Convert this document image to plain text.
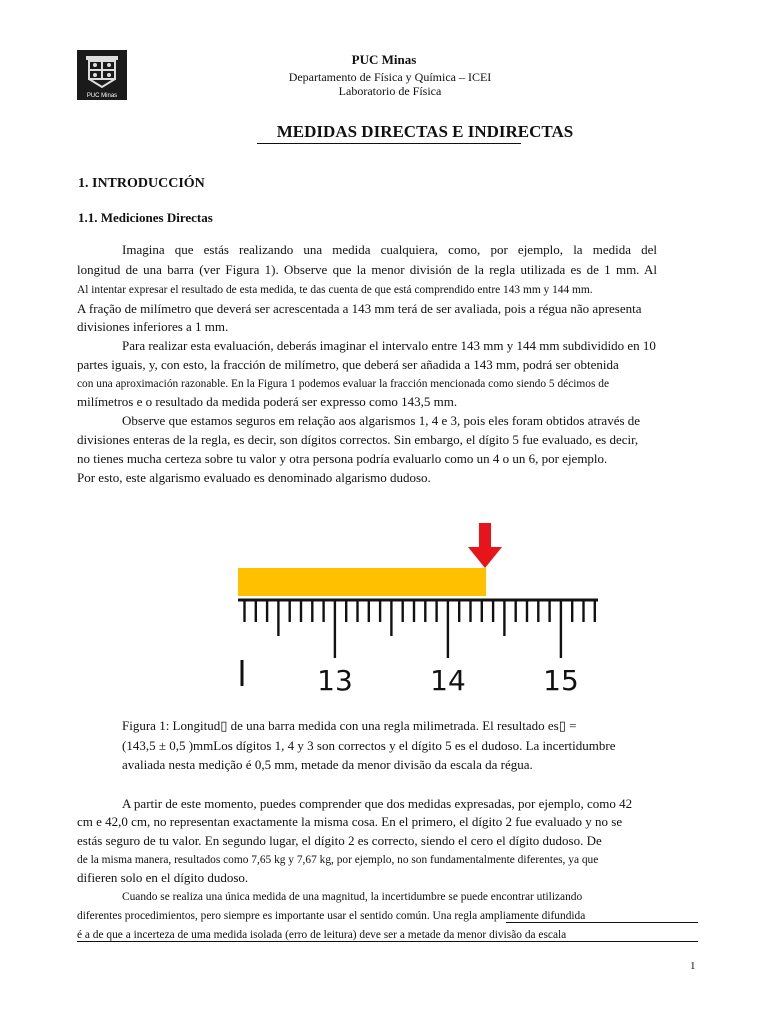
PUC Minas
PUC Minas
Departamento de Física y Química – ICEI
Laboratorio de Física
MEDIDAS DIRECTAS E INDIRECTAS
1. INTRODUCCIÓN
1.1. Mediciones Directas
Imagina que estás realizando una medida cualquiera, como, por ejemplo, la medida del
longitud de una barra (ver Figura 1). Observe que la menor división de la regla utilizada es de 1 mm. Al
Al intentar expresar el resultado de esta medida, te das cuenta de que está comprendido entre 143 mm y 144 mm.
A fração de milímetro que deverá ser acrescentada a 143 mm terá de ser avaliada, pois a régua não apresenta
divisiones inferiores a 1 mm.
Para realizar esta evaluación, deberás imaginar el intervalo entre 143 mm y 144 mm subdividido en 10
partes iguais, y, con esto, la fracción de milímetro, que deberá ser añadida a 143 mm, podrá ser obtenida
con una aproximación razonable. En la Figura 1 podemos evaluar la fracción mencionada como siendo 5 décimos de
milímetros e o resultado da medida poderá ser expresso como 143,5 mm.
Observe que estamos seguros em relação aos algarismos 1, 4 e 3, pois eles foram obtidos através de
divisiones enteras de la regla, es decir, son dígitos correctos. Sin embargo, el dígito 5 fue evaluado, es decir,
no tienes mucha certeza sobre tu valor y otra persona podría evaluarlo como un 4 o un 6, por ejemplo.
Por esto, este algarismo evaluado es denominado algarismo dudoso.
13	14	15
Figura 1: Longitud▯ de una barra medida con una regla milimetrada. El resultado es▯ =
(143,5 ± 0,5 )mmLos dígitos 1, 4 y 3 son correctos y el dígito 5 es el dudoso. La incertidumbre
avaliada nesta medição é 0,5 mm, metade da menor divisão da escala da régua.
A partir de este momento, puedes comprender que dos medidas expresadas, por ejemplo, como 42
cm e 42,0 cm, no representan exactamente la misma cosa. En el primero, el dígito 2 fue evaluado y no se
estás seguro de tu valor. En segundo lugar, el dígito 2 es correcto, siendo el cero el dígito dudoso. De
de la misma manera, resultados como 7,65 kg y 7,67 kg, por ejemplo, no son fundamentalmente diferentes, ya que
difieren solo en el dígito dudoso.
Cuando se realiza una única medida de una magnitud, la incertidumbre se puede encontrar utilizando
diferentes procedimientos, pero siempre es importante usar el sentido común. Una regla ampliamente difundida
é a de que a incerteza de uma medida isolada (erro de leitura) deve ser a metade da menor divisão da escala
1
